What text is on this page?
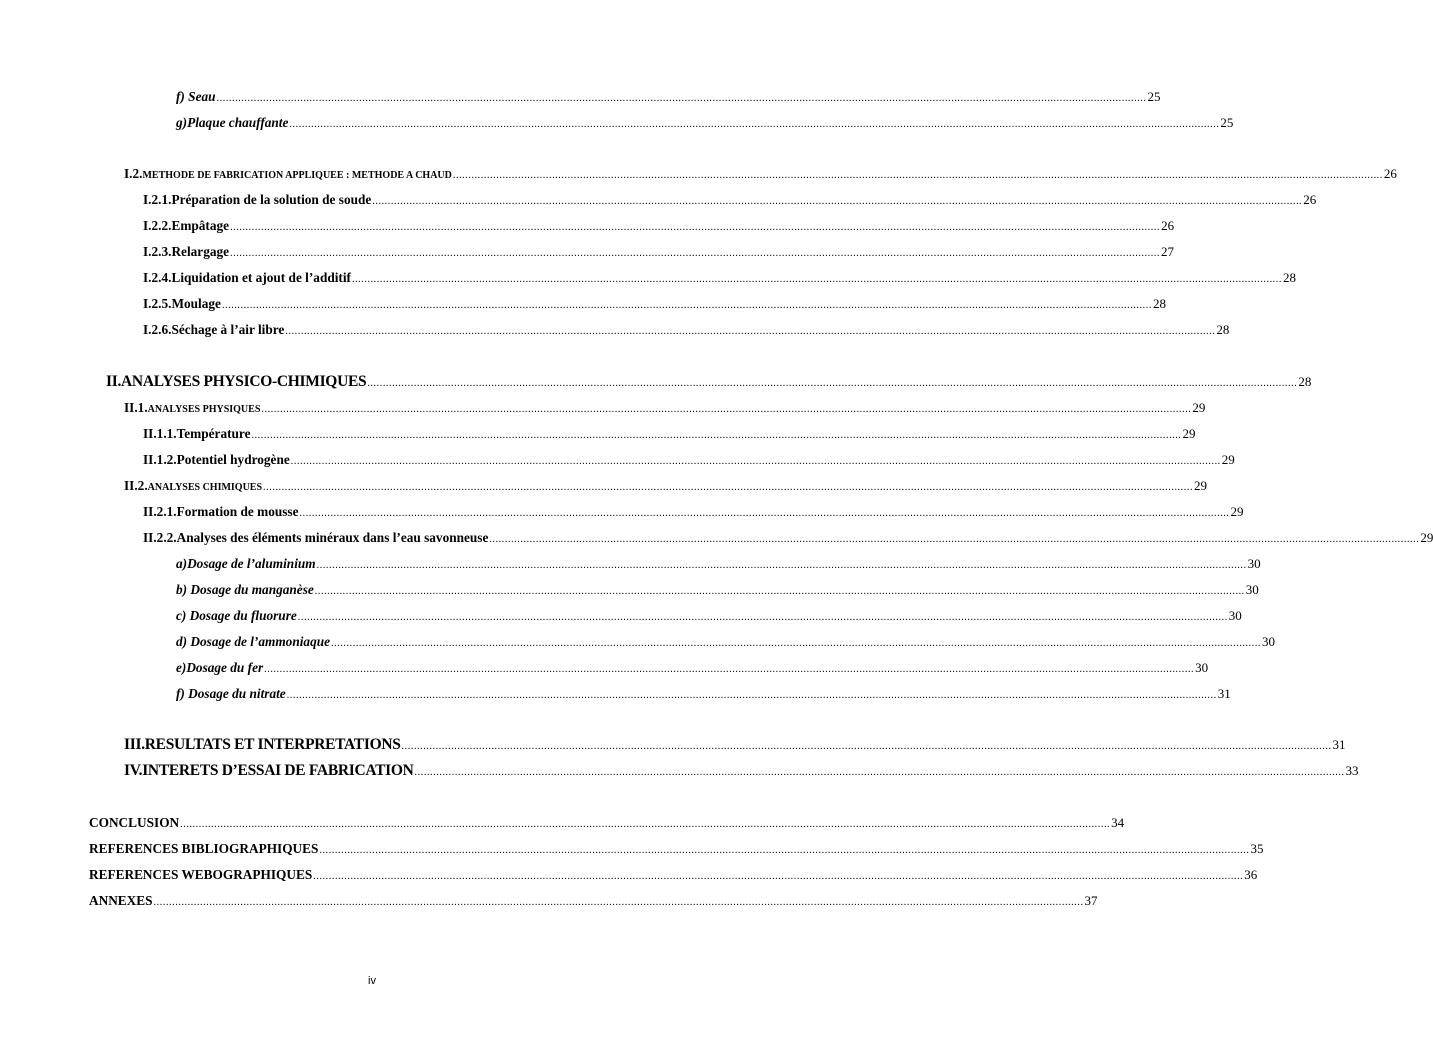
f) Seau ............................................................................................................................................................................................................................................................................................................ 25
g)Plaque chauffante ............................................................................................................................................................................................................................................................................................................ 25
I.2.METHODE DE FABRICATION APPLIQUEE : METHODE A CHAUD ............................................................................................................................................................................................................................................................................................................ 26
I.2.1.Préparation de la solution de soude ............................................................................................................................................................................................................................................................................................................ 26
I.2.2.Empâtage ............................................................................................................................................................................................................................................................................................................ 26
I.2.3.Relargage ............................................................................................................................................................................................................................................................................................................ 27
I.2.4.Liquidation et ajout de l’additif ............................................................................................................................................................................................................................................................................................................ 28
I.2.5.Moulage ............................................................................................................................................................................................................................................................................................................ 28
I.2.6.Séchage à l’air libre ............................................................................................................................................................................................................................................................................................................ 28
II.ANALYSES PHYSICO-CHIMIQUES ............................................................................................................................................................................................................................................................................................................ 28
II.1.ANALYSES PHYSIQUES ............................................................................................................................................................................................................................................................................................................ 29
II.1.1.Température ............................................................................................................................................................................................................................................................................................................ 29
II.1.2.Potentiel hydrogène ............................................................................................................................................................................................................................................................................................................ 29
II.2.ANALYSES CHIMIQUES ............................................................................................................................................................................................................................................................................................................ 29
II.2.1.Formation de mousse ............................................................................................................................................................................................................................................................................................................ 29
II.2.2.Analyses des éléments minéraux dans l’eau savonneuse ............................................................................................................................................................................................................................................................................................................ 29
a)Dosage de l’aluminium ............................................................................................................................................................................................................................................................................................................ 30
b) Dosage du manganèse ............................................................................................................................................................................................................................................................................................................ 30
c) Dosage du fluorure ............................................................................................................................................................................................................................................................................................................ 30
d) Dosage de l’ammoniaque ............................................................................................................................................................................................................................................................................................................ 30
e)Dosage du fer ............................................................................................................................................................................................................................................................................................................ 30
f) Dosage du nitrate ............................................................................................................................................................................................................................................................................................................ 31
III.RESULTATS ET INTERPRETATIONS ............................................................................................................................................................................................................................................................................................................ 31
IV.INTERETS D’ESSAI DE FABRICATION ............................................................................................................................................................................................................................................................................................................ 33
CONCLUSION ............................................................................................................................................................................................................................................................................................................ 34
REFERENCES BIBLIOGRAPHIQUES ............................................................................................................................................................................................................................................................................................................ 35
REFERENCES WEBOGRAPHIQUES ............................................................................................................................................................................................................................................................................................................ 36
ANNEXES ............................................................................................................................................................................................................................................................................................................ 37
iv
